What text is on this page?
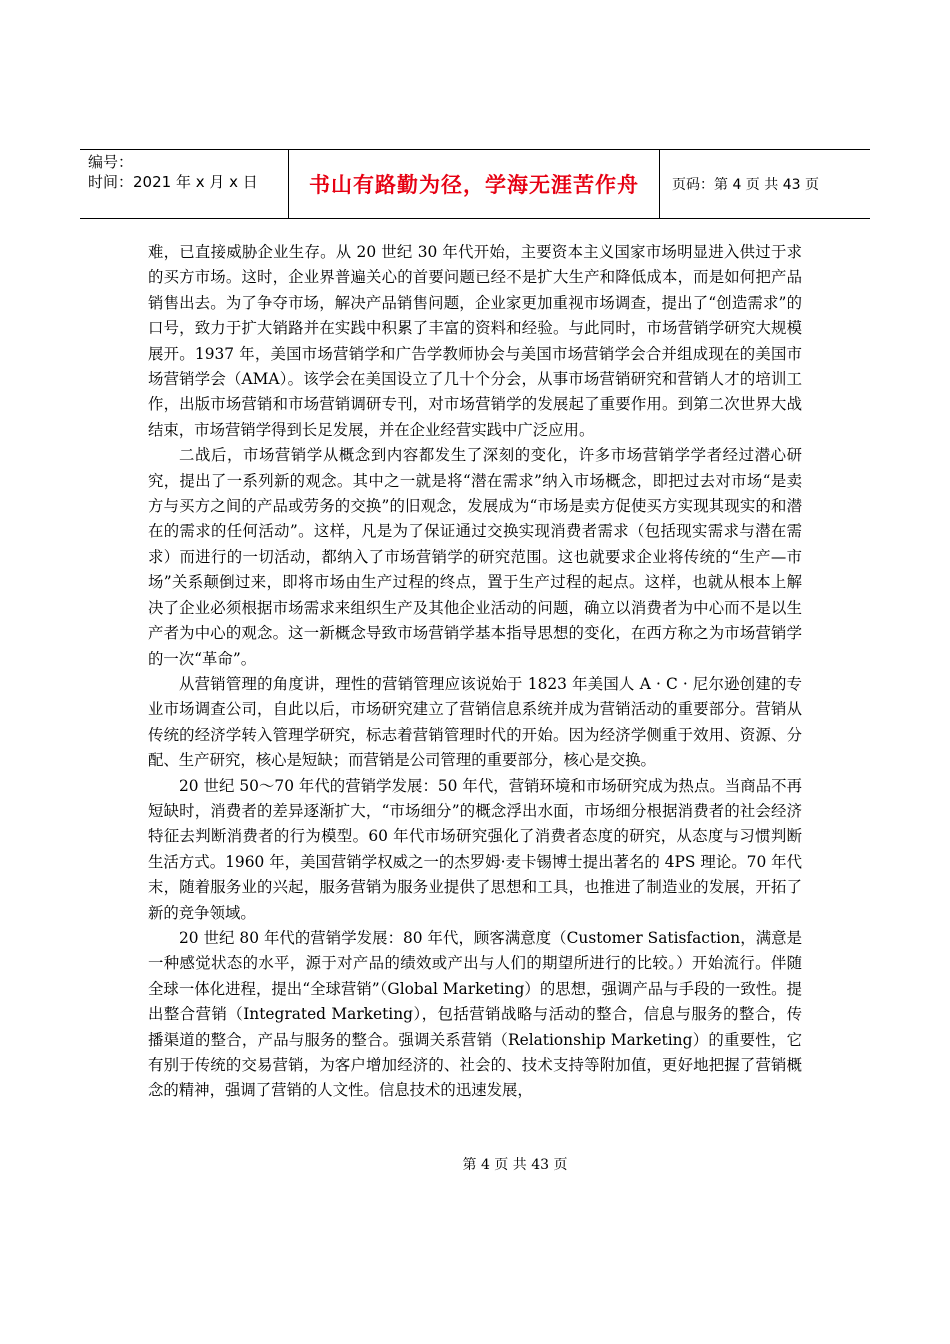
编号：
时间：2021 年 x 月 x 日	书山有路勤为径，学海无涯苦作舟	页码：第 4 页 共 43 页

难，已直接威胁企业生存。从 20 世纪 30 年代开始，主要资本主义国家市场明显进入供过于求的买方市场。这时，企业界普遍关心的首要问题已经不是扩大生产和降低成本，而是如何把产品销售出去。为了争夺市场，解决产品销售问题，企业家更加重视市场调查，提出了“创造需求”的口号，致力于扩大销路并在实践中积累了丰富的资料和经验。与此同时，市场营销学研究大规模展开。1937 年，美国市场营销学和广告学教师协会与美国市场营销学会合并组成现在的美国市场营销学会（AMA）。该学会在美国设立了几十个分会，从事市场营销研究和营销人才的培训工作，出版市场营销和市场营销调研专刊，对市场营销学的发展起了重要作用。到第二次世界大战结束，市场营销学得到长足发展，并在企业经营实践中广泛应用。

二战后，市场营销学从概念到内容都发生了深刻的变化，许多市场营销学学者经过潜心研究，提出了一系列新的观念。其中之一就是将“潜在需求”纳入市场概念，即把过去对市场“是卖方与买方之间的产品或劳务的交换”的旧观念，发展成为“市场是卖方促使买方实现其现实的和潜在的需求的任何活动”。这样，凡是为了保证通过交换实现消费者需求（包括现实需求与潜在需求）而进行的一切活动，都纳入了市场营销学的研究范围。这也就要求企业将传统的“生产—市场”关系颠倒过来，即将市场由生产过程的终点，置于生产过程的起点。这样，也就从根本上解决了企业必须根据市场需求来组织生产及其他企业活动的问题，确立以消费者为中心而不是以生产者为中心的观念。这一新概念导致市场营销学基本指导思想的变化，在西方称之为市场营销学的一次“革命”。

从营销管理的角度讲，理性的营销管理应该说始于 1823 年美国人 A · C · 尼尔逊创建的专业市场调查公司，自此以后，市场研究建立了营销信息系统并成为营销活动的重要部分。营销从传统的经济学转入管理学研究，标志着营销管理时代的开始。因为经济学侧重于效用、资源、分配、生产研究，核心是短缺；而营销是公司管理的重要部分，核心是交换。

20 世纪 50～70 年代的营销学发展：50 年代，营销环境和市场研究成为热点。当商品不再短缺时，消费者的差异逐渐扩大，“市场细分”的概念浮出水面，市场细分根据消费者的社会经济特征去判断消费者的行为模型。60 年代市场研究强化了消费者态度的研究，从态度与习惯判断生活方式。1960 年，美国营销学权威之一的杰罗姆·麦卡锡博士提出著名的 4PS 理论。70 年代末，随着服务业的兴起，服务营销为服务业提供了思想和工具，也推进了制造业的发展，开拓了新的竞争领域。

20 世纪 80 年代的营销学发展：80 年代，顾客满意度（Customer Satisfaction，满意是一种感觉状态的水平，源于对产品的绩效或产出与人们的期望所进行的比较。）开始流行。伴随全球一体化进程，提出“全球营销”（Global Marketing）的思想，强调产品与手段的一致性。提出整合营销（Integrated Marketing），包括营销战略与活动的整合，信息与服务的整合，传播渠道的整合，产品与服务的整合。强调关系营销（Relationship Marketing）的重要性，它有别于传统的交易营销，为客户增加经济的、社会的、技术支持等附加值，更好地把握了营销概念的精神，强调了营销的人文性。信息技术的迅速发展，

第 4 页 共 43 页
